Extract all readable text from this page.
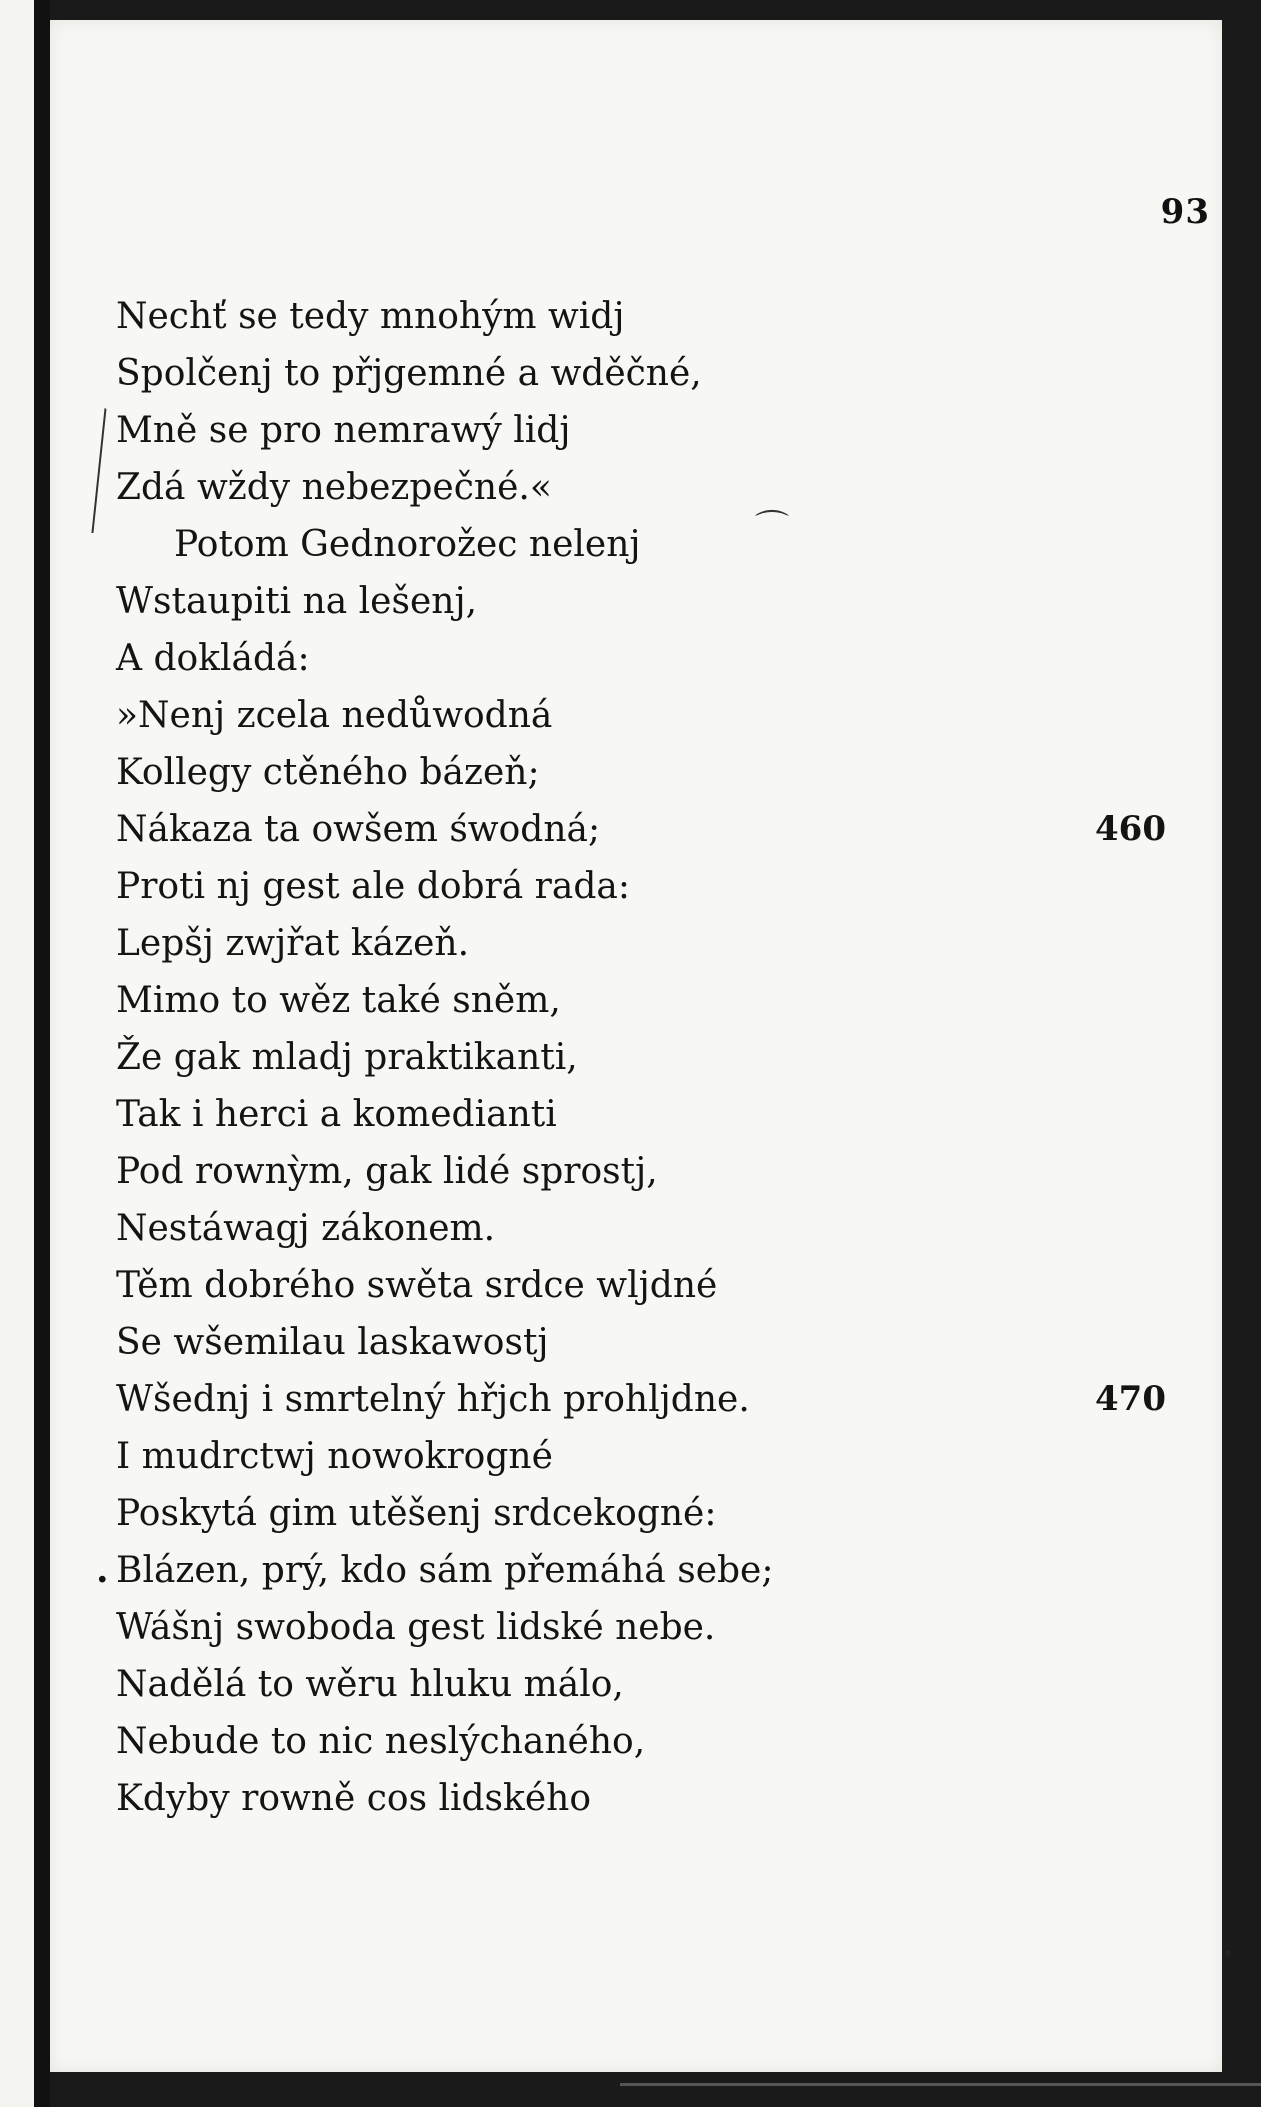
93
⌒
Nechť se tedy mnohým widj
Spolčenj to přjgemné a wděčné,
Mně se pro nemrawý lidj
Zdá wždy nebezpečné.«
Potom Gednorožec nelenj
Wstaupiti na lešenj,
A dokládá:
»Nenj zcela nedůwodná
Kollegy ctěného bázeň;
Nákaza ta owšem śwodná;	460
Proti nj gest ale dobrá rada:
Lepšj zwjřat kázeň.
Mimo to wěz také sněm,
Že gak mladj praktikanti,
Tak i herci a komedianti
Pod rownỳm, gak lidé sprostj,
Nestáwagj zákonem.
Těm dobrého swěta srdce wljdné
Se wšemilau laskawostj
Wšednj i smrtelný hřjch prohljdne.	470
I mudrctwj nowokrogné
Poskytá gim utěšenj srdcekogné:
. Blázen, prý, kdo sám přemáhá sebe;
Wášnj swoboda gest lidské nebe.
Nadělá to wěru hluku málo,
Nebude to nic neslýchaného,
Kdyby rowně cos lidského
